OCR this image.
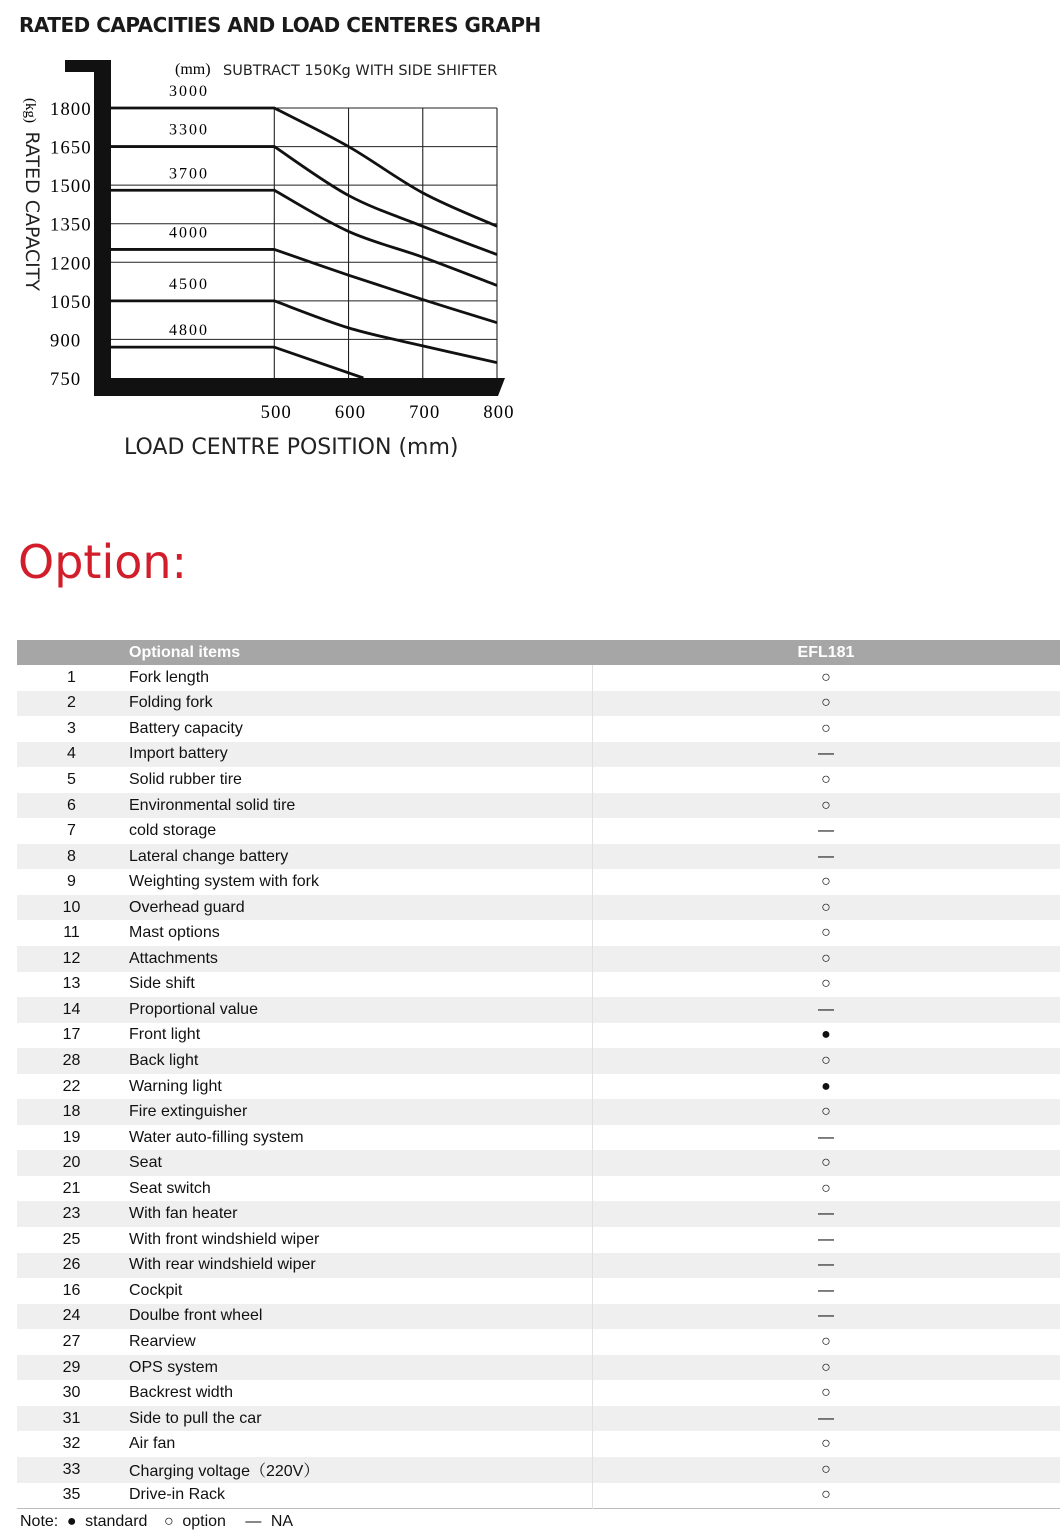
RATED CAPACITIES AND LOAD CENTERES GRAPH
3000
3300
3700
4000
4500
4800
750
900
1050
1200
1350
1500
1650
1800
500 600 700 800
(mm) SUBTRACT 150Kg WITH SIDE SHIFTER
(kg) RATED CAPACITY
LOAD CENTRE POSITION (mm)
Option:
	Optional items	EFL181
1	Fork length	○
2	Folding fork	○
3	Battery capacity	○
4	Import battery	—
5	Solid rubber tire	○
6	Environmental solid tire	○
7	cold storage	—
8	Lateral change battery	—
9	Weighting system with fork	○
10	Overhead guard	○
11	Mast options	○
12	Attachments	○
13	Side shift	○
14	Proportional value	—
17	Front light	●
28	Back light	○
22	Warning light	●
18	Fire extinguisher	○
19	Water auto-filling system	—
20	Seat	○
21	Seat switch	○
23	With fan heater	—
25	With front windshield wiper	—
26	With rear windshield wiper	—
16	Cockpit	—
24	Doulbe front wheel	—
27	Rearview	○
29	OPS system	○
30	Backrest width	○
31	Side to pull the car	—
32	Air fan	○
33	Charging voltage（220V）	○
35	Drive-in Rack	○
Note: ● standard ○ option — NA		
